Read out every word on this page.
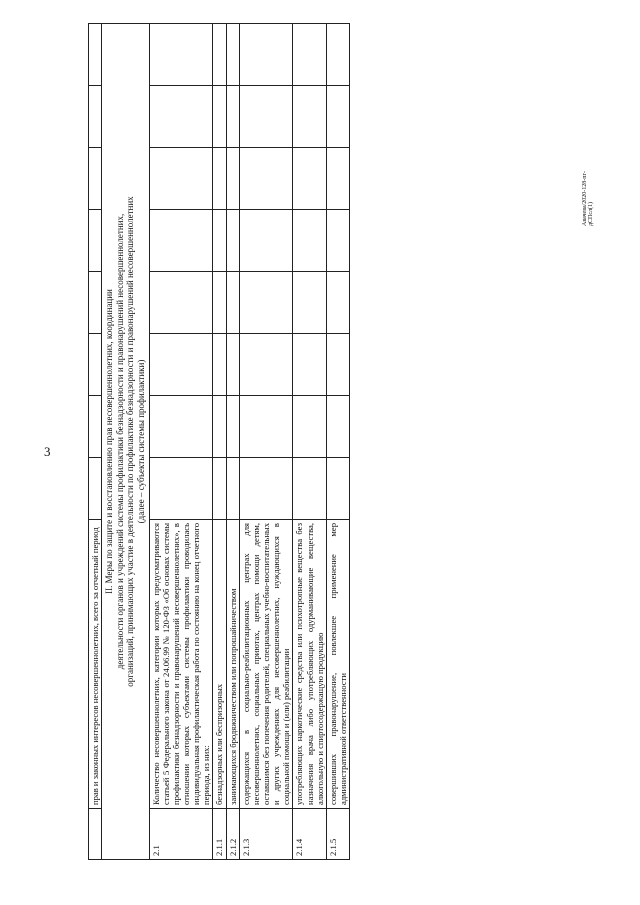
3
Авачева/2020-128-пг-дСПсл(1)
	прав и законных интересов несовершеннолетних, всего за отчетный период								

II. Меры по защите и восстановлению прав несовершеннолетних, координации деятельности органов и учреждений системы профилактики безнадзорности и правонарушений несовершеннолетних, организаций, принимающих участие в деятельности по профилактике безнадзорности и правонарушений несовершеннолетних (далее – субъекты системы профилактики)									

2.1	Количество несовершеннолетних, категории которых предусматриваются статьей 5 Федерального закона от 24.06.99 № 120-ФЗ «Об основах системы профилактики безнадзорности и правонарушений несовершеннолетних», в отношении которых субъектами системы профилактики проводилась индивидуальная профилактическая работа по состоянию на конец отчетного периода, из них:								
2.1.1	безнадзорных или беспризорных								
2.1.2	занимающихся бродяжничеством или попрошайничеством								
2.1.3	содержащихся в социально-реабилитационных центрах для несовершеннолетних, социальных приютах, центрах помощи детям, оставшимся без попечения родителей, специальных учебно-воспитательных и других учреждениях для несовершеннолетних, нуждающихся в социальной помощи и (или) реабилитации								
2.1.4	употребляющих наркотические средства или психотропные вещества без назначения врача либо употребляющих одурманивающие вещества, алкогольную и спиртосодержащую продукцию								
2.1.5	совершивших правонарушение, повлекшее применение мер административной ответственности								
